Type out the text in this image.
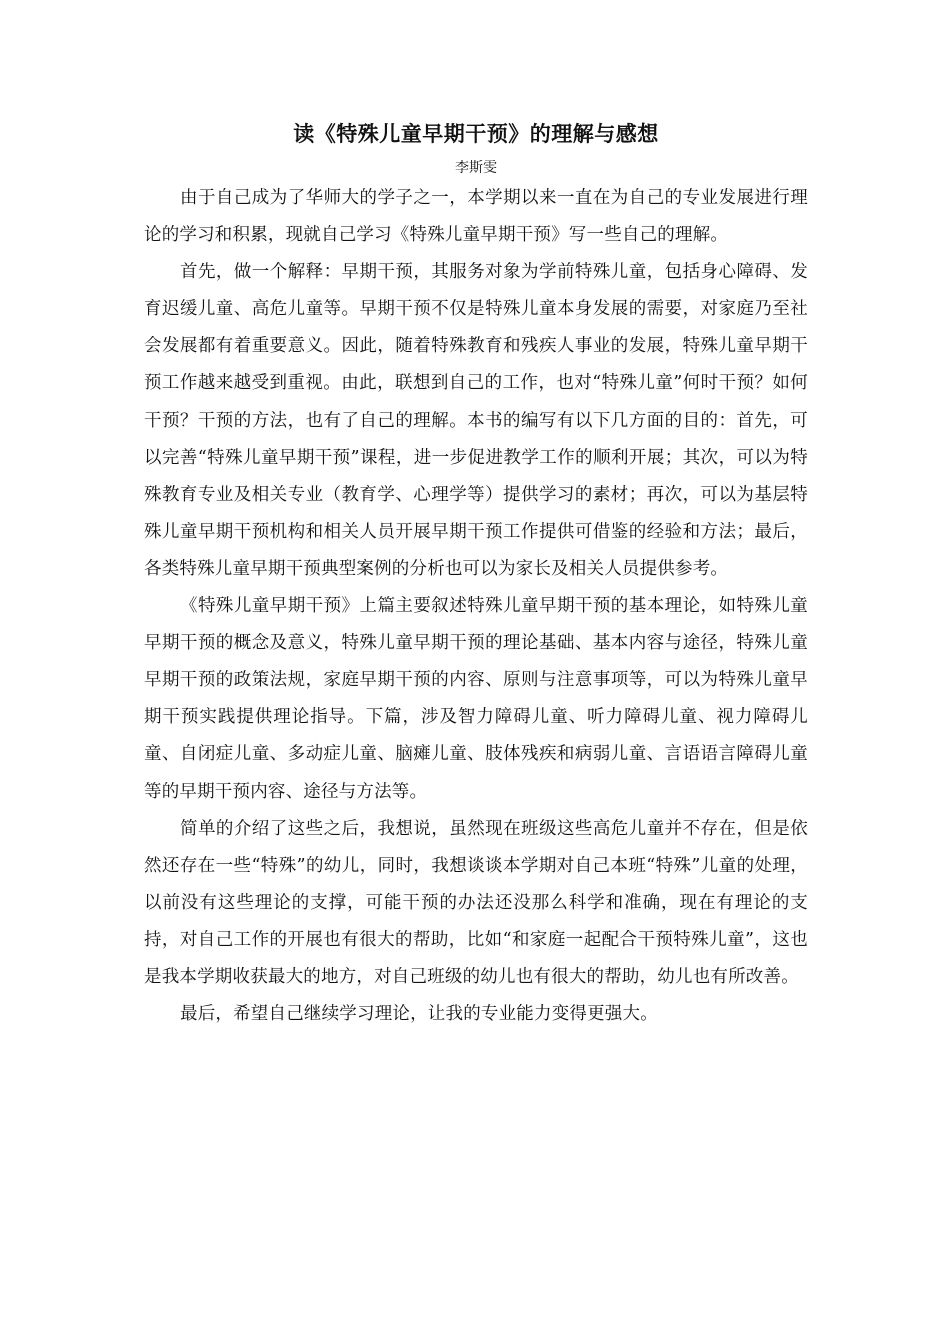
读《特殊儿童早期干预》的理解与感想
李斯雯

由于自己成为了华师大的学子之一，本学期以来一直在为自己的专业发展进行理论的学习和积累，现就自己学习《特殊儿童早期干预》写一些自己的理解。

首先，做一个解释：早期干预，其服务对象为学前特殊儿童，包括身心障碍、发育迟缓儿童、高危儿童等。早期干预不仅是特殊儿童本身发展的需要，对家庭乃至社会发展都有着重要意义。因此，随着特殊教育和残疾人事业的发展，特殊儿童早期干预工作越来越受到重视。由此，联想到自己的工作，也对“特殊儿童”何时干预？如何干预？干预的方法，也有了自己的理解。本书的编写有以下几方面的目的：首先，可以完善“特殊儿童早期干预”课程，进一步促进教学工作的顺利开展；其次，可以为特殊教育专业及相关专业（教育学、心理学等）提供学习的素材；再次，可以为基层特殊儿童早期干预机构和相关人员开展早期干预工作提供可借鉴的经验和方法；最后，各类特殊儿童早期干预典型案例的分析也可以为家长及相关人员提供参考。

《特殊儿童早期干预》上篇主要叙述特殊儿童早期干预的基本理论，如特殊儿童早期干预的概念及意义，特殊儿童早期干预的理论基础、基本内容与途径，特殊儿童早期干预的政策法规，家庭早期干预的内容、原则与注意事项等，可以为特殊儿童早期干预实践提供理论指导。下篇，涉及智力障碍儿童、听力障碍儿童、视力障碍儿童、自闭症儿童、多动症儿童、脑瘫儿童、肢体残疾和病弱儿童、言语语言障碍儿童等的早期干预内容、途径与方法等。

简单的介绍了这些之后，我想说，虽然现在班级这些高危儿童并不存在，但是依然还存在一些“特殊”的幼儿，同时，我想谈谈本学期对自己本班“特殊”儿童的处理，以前没有这些理论的支撑，可能干预的办法还没那么科学和准确，现在有理论的支持，对自己工作的开展也有很大的帮助，比如“和家庭一起配合干预特殊儿童”，这也是我本学期收获最大的地方，对自己班级的幼儿也有很大的帮助，幼儿也有所改善。

最后，希望自己继续学习理论，让我的专业能力变得更强大。
